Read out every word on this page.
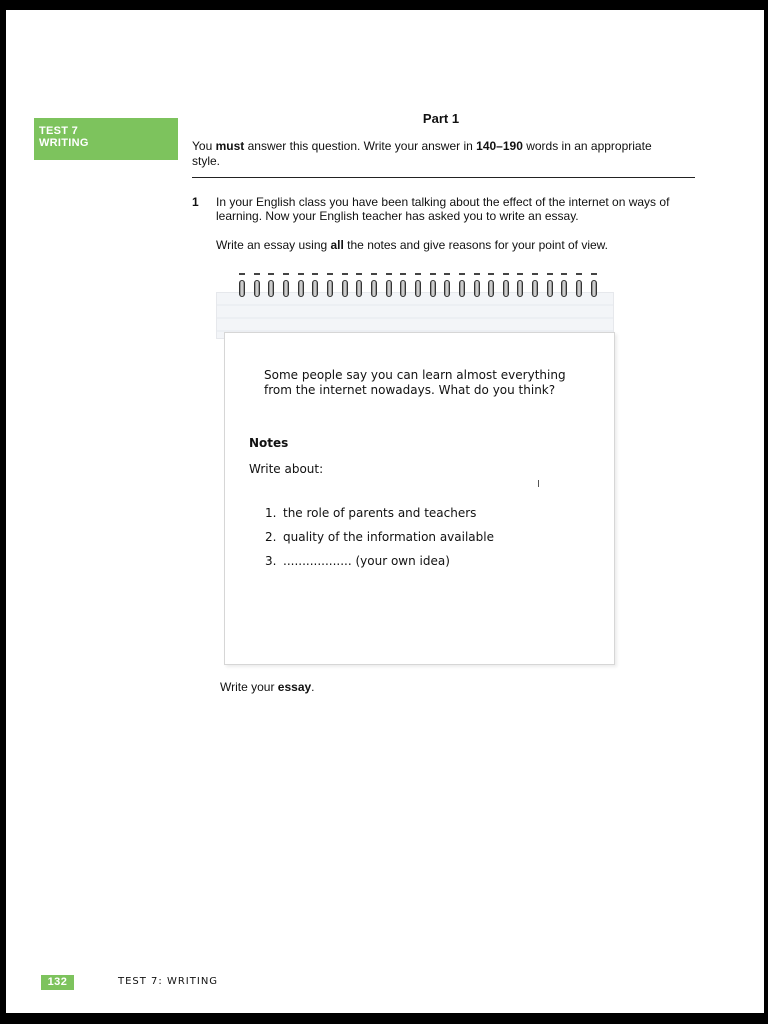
TEST 7
WRITING
Part 1
You must answer this question. Write your answer in 140–190 words in an appropriate style.
1 In your English class you have been talking about the effect of the internet on ways of learning. Now your English teacher has asked you to write an essay.
Write an essay using all the notes and give reasons for your point of view.
Some people say you can learn almost everything from the internet nowadays. What do you think?
Notes
Write about:
1. the role of parents and teachers
2. quality of the information available
3. .................. (your own idea)
Write your essay.
132	TEST 7: WRITING
